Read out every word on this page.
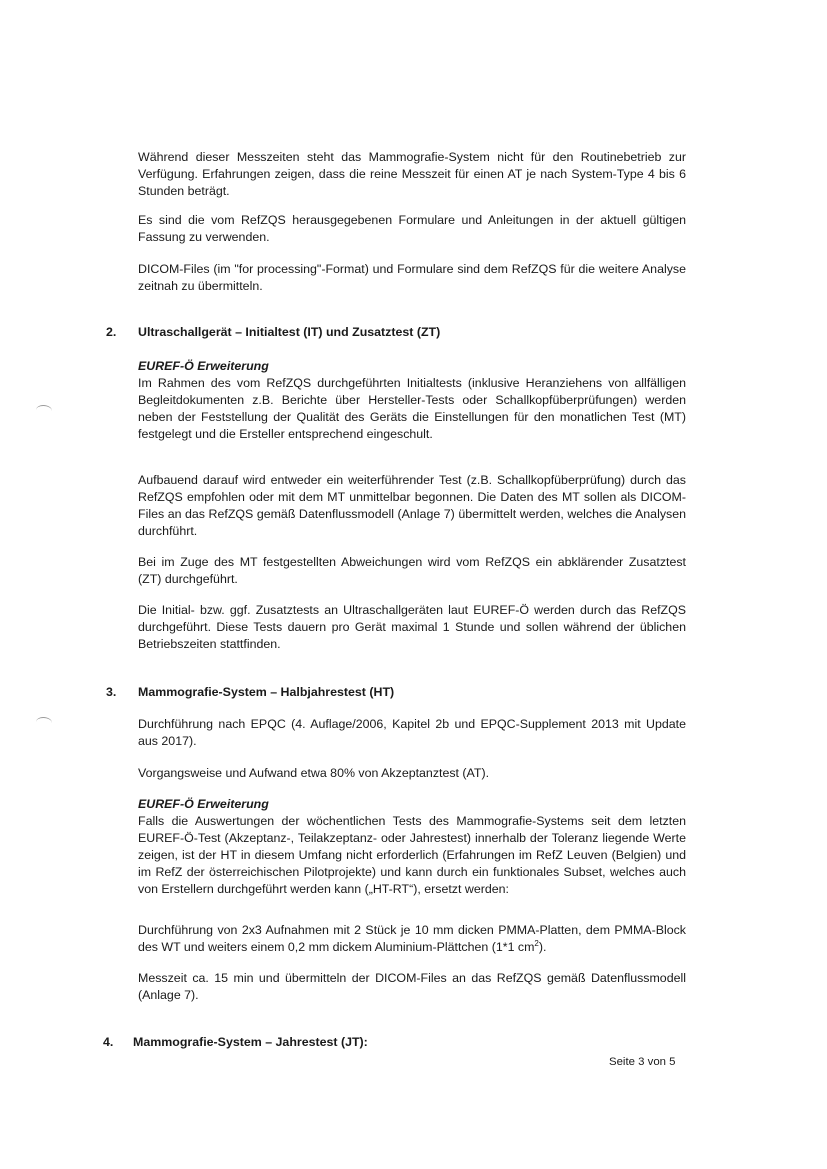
Während dieser Messzeiten steht das Mammografie-System nicht für den Routinebetrieb zur Verfügung. Erfahrungen zeigen, dass die reine Messzeit für einen AT je nach System-Type 4 bis 6 Stunden beträgt.

Es sind die vom RefZQS herausgegebenen Formulare und Anleitungen in der aktuell gültigen Fassung zu verwenden.

DICOM-Files (im "for processing"-Format) und Formulare sind dem RefZQS für die weitere Analyse zeitnah zu übermitteln.

2. Ultraschallgerät – Initialtest (IT) und Zusatztest (ZT)
EUREF-Ö Erweiterung
Im Rahmen des vom RefZQS durchgeführten Initialtests (inklusive Heranziehens von allfälligen Begleitdokumenten z.B. Berichte über Hersteller-Tests oder Schallkopfüberprüfungen) werden neben der Feststellung der Qualität des Geräts die Einstellungen für den monatlichen Test (MT) festgelegt und die Ersteller entsprechend eingeschult.

Aufbauend darauf wird entweder ein weiterführender Test (z.B. Schallkopfüberprüfung) durch das RefZQS empfohlen oder mit dem MT unmittelbar begonnen. Die Daten des MT sollen als DICOM-Files an das RefZQS gemäß Datenflussmodell (Anlage 7) übermittelt werden, welches die Analysen durchführt.

Bei im Zuge des MT festgestellten Abweichungen wird vom RefZQS ein abklärender Zusatztest (ZT) durchgeführt.

Die Initial- bzw. ggf. Zusatztests an Ultraschallgeräten laut EUREF-Ö werden durch das RefZQS durchgeführt. Diese Tests dauern pro Gerät maximal 1 Stunde und sollen während der üblichen Betriebszeiten stattfinden.

3. Mammografie-System – Halbjahrestest (HT)

Durchführung nach EPQC (4. Auflage/2006, Kapitel 2b und EPQC-Supplement 2013 mit Update aus 2017).

Vorgangsweise und Aufwand etwa 80% von Akzeptanztest (AT).

EUREF-Ö Erweiterung
Falls die Auswertungen der wöchentlichen Tests des Mammografie-Systems seit dem letzten EUREF-Ö-Test (Akzeptanz-, Teilakzeptanz- oder Jahrestest) innerhalb der Toleranz liegende Werte zeigen, ist der HT in diesem Umfang nicht erforderlich (Erfahrungen im RefZ Leuven (Belgien) und im RefZ der österreichischen Pilotprojekte) und kann durch ein funktionales Subset, welches auch von Erstellern durchgeführt werden kann („HT-RT“), ersetzt werden:

Durchführung von 2x3 Aufnahmen mit 2 Stück je 10 mm dicken PMMA-Platten, dem PMMA-Block des WT und weiters einem 0,2 mm dickem Aluminium-Plättchen (1*1 $cm^2$).

Messzeit ca. 15 min und übermitteln der DICOM-Files an das RefZQS gemäß Datenflussmodell (Anlage 7).

4. Mammografie-System – Jahrestest (JT):
Seite 3 von 5
